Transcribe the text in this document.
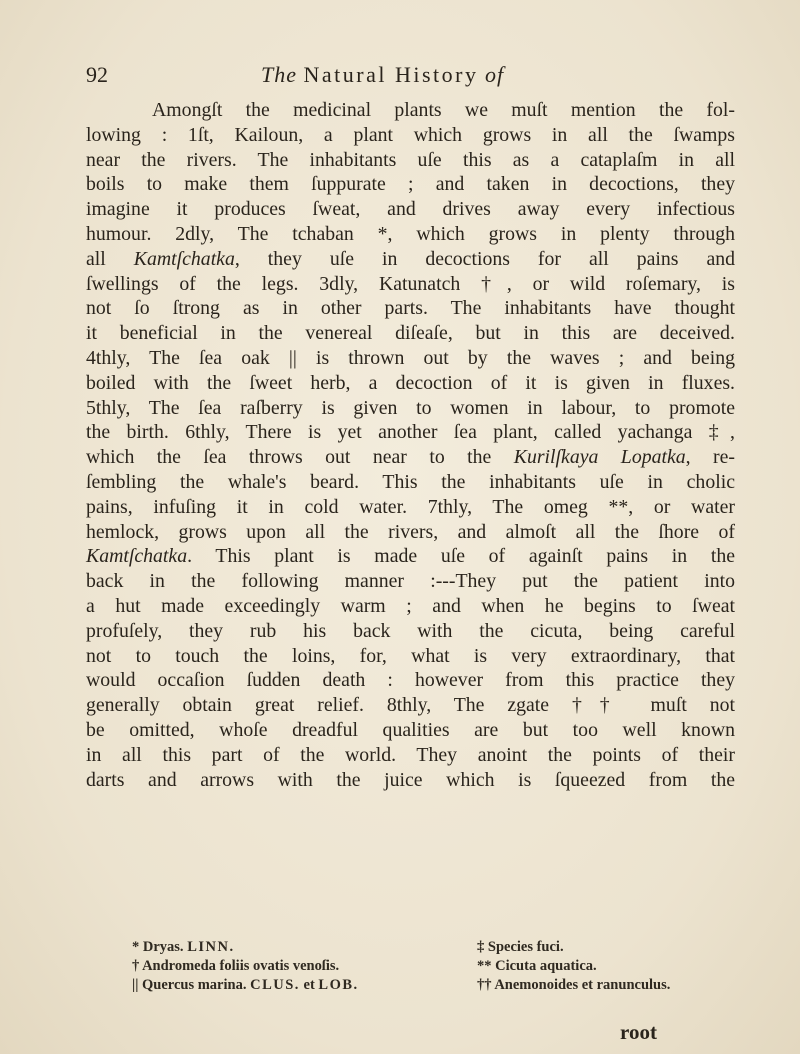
92	The Natural History of
Amongſt the medicinal plants we muſt mention the fol-
lowing : 1ſt, Kailoun, a plant which grows in all the ſwamps
near the rivers. The inhabitants uſe this as a cataplaſm in all
boils to make them ſuppurate ; and taken in decoctions, they
imagine it produces ſweat, and drives away every infectious
humour. 2dly, The tchaban *, which grows in plenty through
all Kamtſchatka, they uſe in decoctions for all pains and
ſwellings of the legs. 3dly, Katunatch †, or wild roſemary, is
not ſo ſtrong as in other parts. The inhabitants have thought
it beneficial in the venereal diſeaſe, but in this are deceived.
4thly, The ſea oak || is thrown out by the waves ; and being
boiled with the ſweet herb, a decoction of it is given in fluxes.
5thly, The ſea raſberry is given to women in labour, to promote
the birth. 6thly, There is yet another ſea plant, called yachanga ‡,
which the ſea throws out near to the Kurilſkaya Lopatka, re-
ſembling the whale's beard. This the inhabitants uſe in cholic
pains, infuſing it in cold water. 7thly, The omeg **, or water
hemlock, grows upon all the rivers, and almoſt all the ſhore of
Kamtſchatka. This plant is made uſe of againſt pains in the
back in the following manner :---They put the patient into
a hut made exceedingly warm ; and when he begins to ſweat
profuſely, they rub his back with the cicuta, being careful
not to touch the loins, for, what is very extraordinary, that
would occaſion ſudden death : however from this practice they
generally obtain great relief. 8thly, The zgate †† muſt not
be omitted, whoſe dreadful qualities are but too well known
in all this part of the world. They anoint the points of their
darts and arrows with the juice which is ſqueezed from the
* Dryas. LINN.
† Andromeda foliis ovatis venoſis.
|| Quercus marina. CLUS. et LOB.
‡ Species fuci.
** Cicuta aquatica.
†† Anemonoides et ranunculus.
root
